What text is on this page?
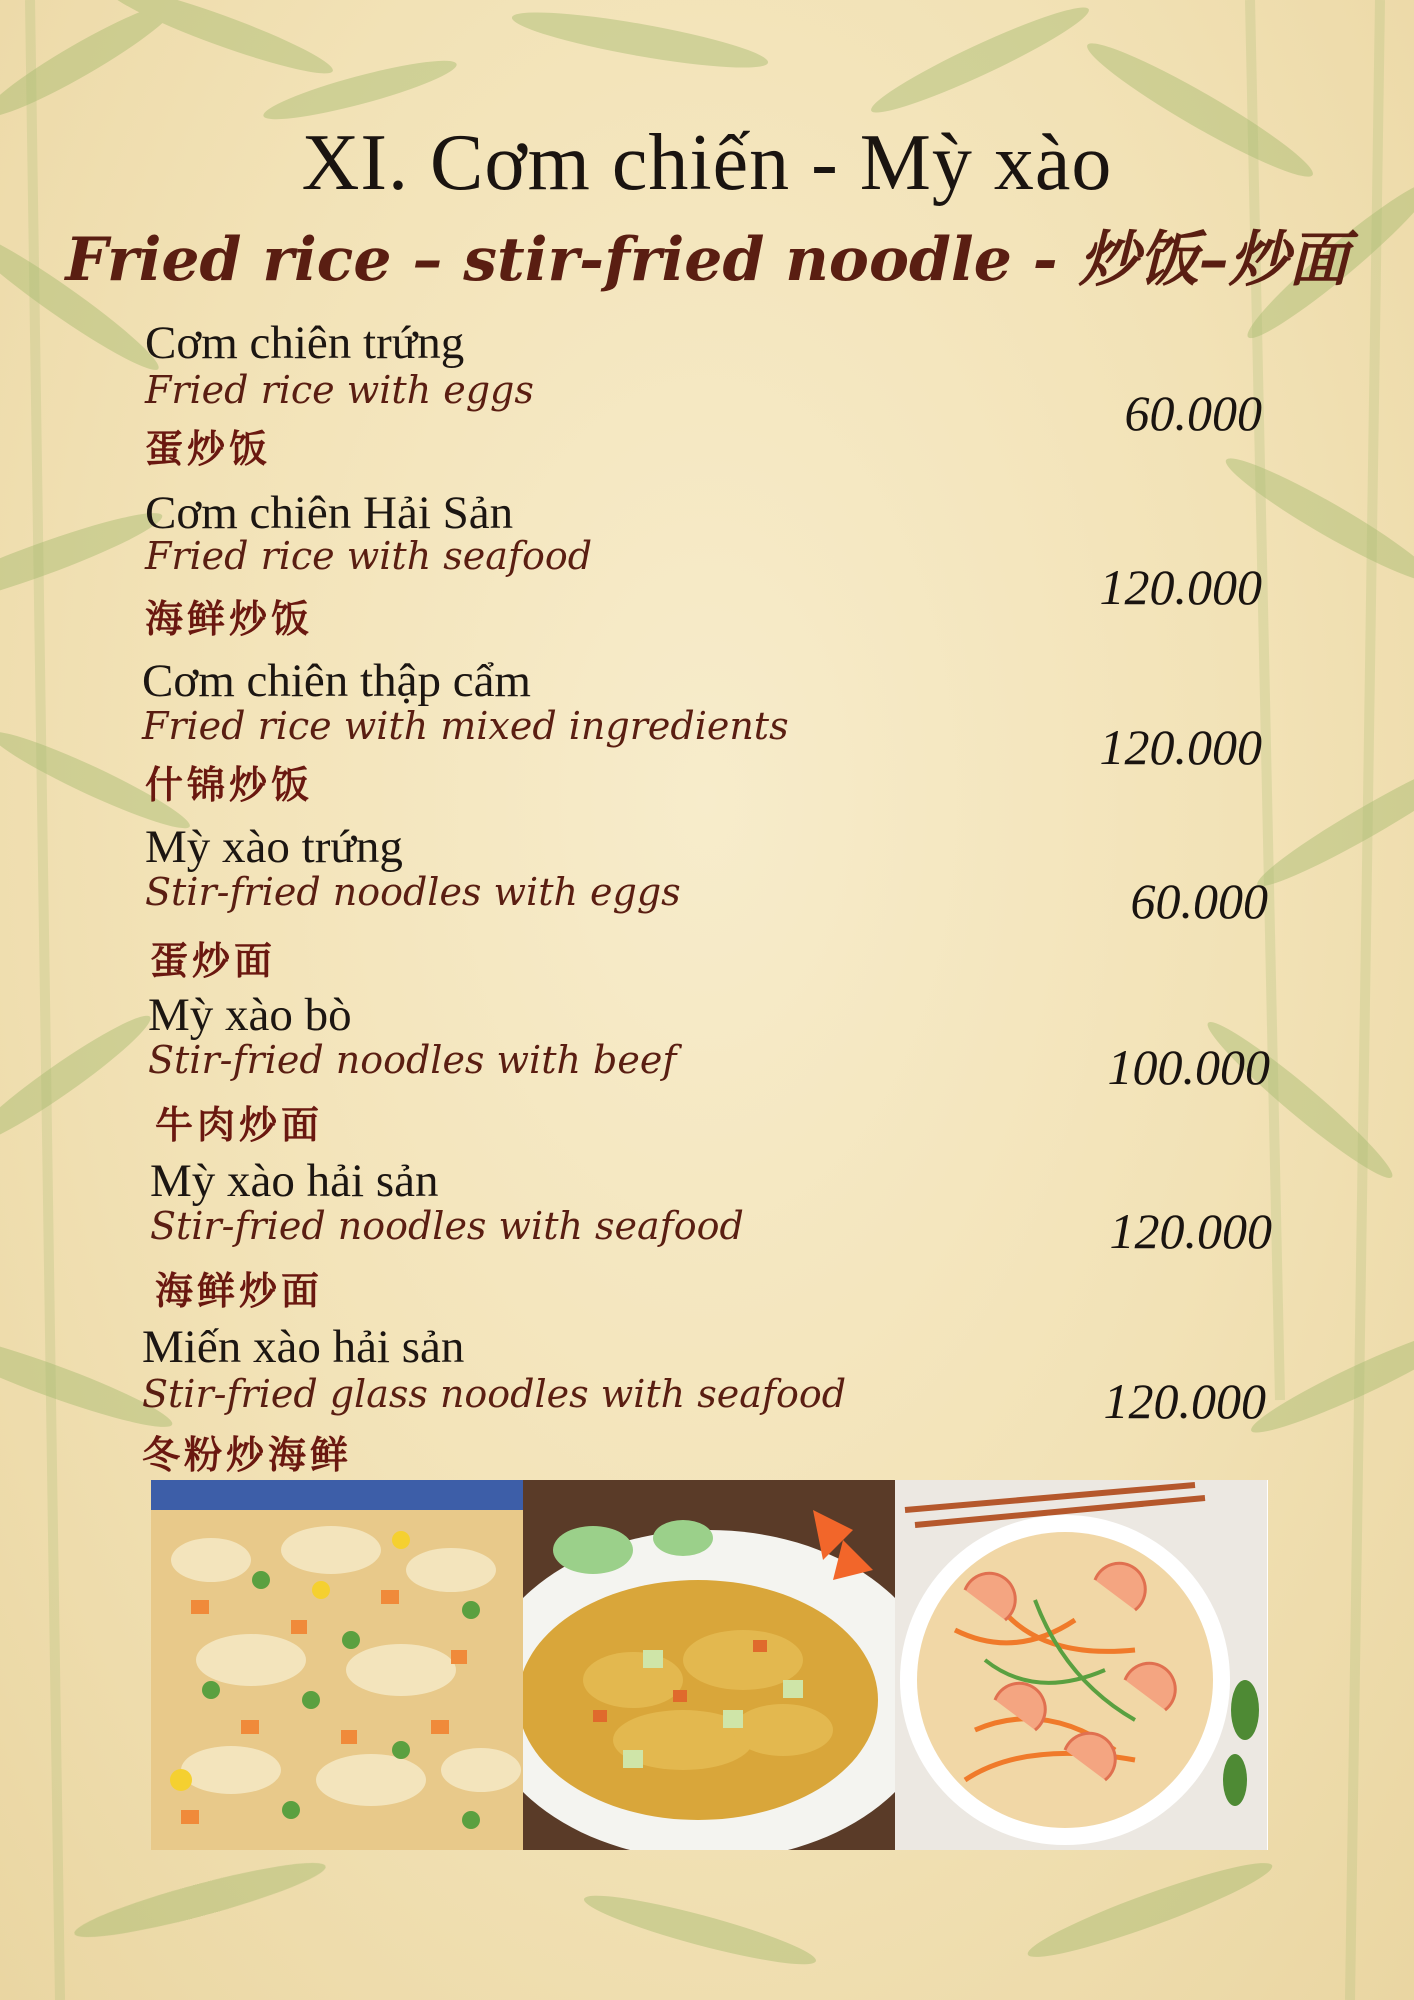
XI. Cơm chiến - Mỳ xào
Fried rice – stir-fried noodle - 炒饭–炒面
Cơm chiên trứng
Fried rice with eggs
蛋炒饭
60.000
Cơm chiên Hải Sản
Fried rice with seafood
海鲜炒饭
120.000
Cơm chiên thập cẩm
Fried rice with mixed ingredients
什锦炒饭
120.000
Mỳ xào trứng
Stir-fried noodles with eggs
蛋炒面
60.000
Mỳ xào bò
Stir-fried noodles with beef
牛肉炒面
100.000
Mỳ xào hải sản
Stir-fried noodles with seafood
海鲜炒面
120.000
Miến xào hải sản
Stir-fried glass noodles with seafood
冬粉炒海鲜
120.000
